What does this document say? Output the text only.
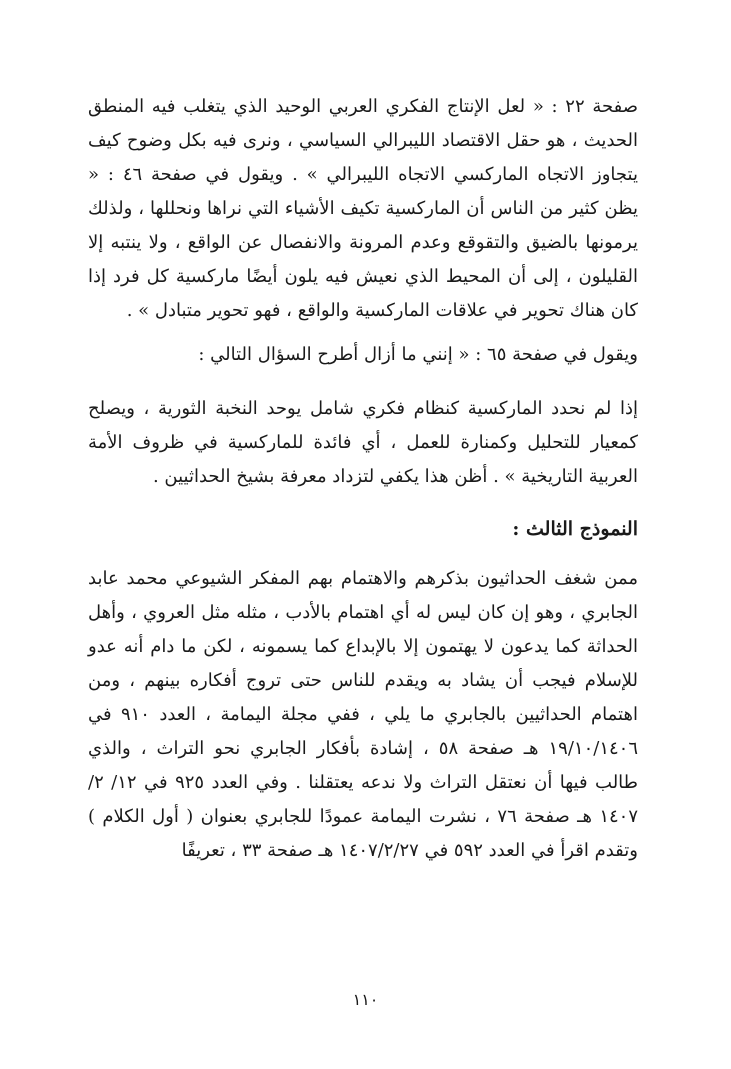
صفحة ٢٢ : « لعل الإنتاج الفكري العربي الوحيد الذي يتغلب فيه المنطق الحديث ، هو حقل الاقتصاد الليبرالي السياسي ، ونرى فيه بكل وضوح كيف يتجاوز الاتجاه الماركسي الاتجاه الليبرالي » . ويقول في صفحة ٤٦ : « يظن كثير من الناس أن الماركسية تكيف الأشياء التي نراها ونحللها ، ولذلك يرمونها بالضيق والتقوقع وعدم المرونة والانفصال عن الواقع ، ولا ينتبه إلا القليلون ، إلى أن المحيط الذي نعيش فيه يلون أيضًا ماركسية كل فرد إذا كان هناك تحوير في علاقات الماركسية والواقع ، فهو تحوير متبادل » .

ويقول في صفحة ٦٥ : « إنني ما أزال أطرح السؤال التالي :

إذا لم نحدد الماركسية كنظام فكري شامل يوحد النخبة الثورية ، ويصلح كمعيار للتحليل وكمنارة للعمل ، أي فائدة للماركسية في ظروف الأمة العربية التاريخية » . أظن هذا يكفي لتزداد معرفة بشيخ الحداثيين .

النموذج الثالث :

ممن شغف الحداثيون بذكرهم والاهتمام بهم المفكر الشيوعي محمد عابد الجابري ، وهو إن كان ليس له أي اهتمام بالأدب ، مثله مثل العروي ، وأهل الحداثة كما يدعون لا يهتمون إلا بالإبداع كما يسمونه ، لكن ما دام أنه عدو للإسلام فيجب أن يشاد به ويقدم للناس حتى تروج أفكاره بينهم ، ومن اهتمام الحداثيين بالجابري ما يلي ، ففي مجلة اليمامة ، العدد ٩١٠ في ١٩/١٠/١٤٠٦ هـ صفحة ٥٨ ، إشادة بأفكار الجابري نحو التراث ، والذي طالب فيها أن نعتقل التراث ولا ندعه يعتقلنا . وفي العدد ٩٢٥ في ١٢/ ٢/ ١٤٠٧ هـ صفحة ٧٦ ، نشرت اليمامة عمودًا للجابري بعنوان ( أول الكلام ) وتقدم اقرأ في العدد ٥٩٢ في ١٤٠٧/٢/٢٧ هـ صفحة ٣٣ ، تعريفًا

١١٠
